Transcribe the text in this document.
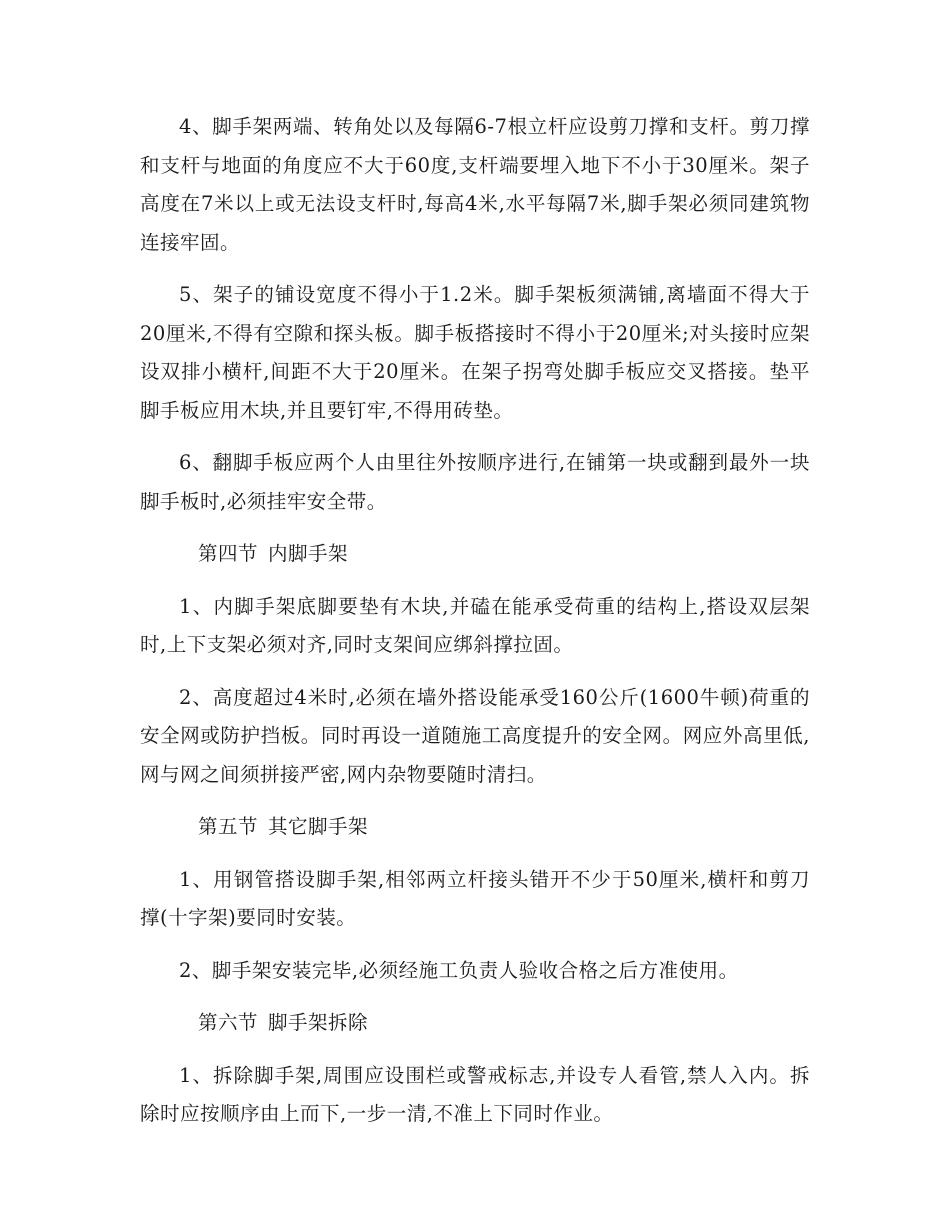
4、脚手架两端、转角处以及每隔6-7根立杆应设剪刀撑和支杆。剪刀撑和支杆与地面的角度应不大于60度,支杆端要埋入地下不小于30厘米。架子高度在7米以上或无法设支杆时,每高4米,水平每隔7米,脚手架必须同建筑物连接牢固。

5、架子的铺设宽度不得小于1.2米。脚手架板须满铺,离墙面不得大于20厘米,不得有空隙和探头板。脚手板搭接时不得小于20厘米;对头接时应架设双排小横杆,间距不大于20厘米。在架子拐弯处脚手板应交叉搭接。垫平脚手板应用木块,并且要钉牢,不得用砖垫。

6、翻脚手板应两个人由里往外按顺序进行,在铺第一块或翻到最外一块脚手板时,必须挂牢安全带。

第四节 内脚手架

1、内脚手架底脚要垫有木块,并磕在能承受荷重的结构上,搭设双层架时,上下支架必须对齐,同时支架间应绑斜撑拉固。

2、高度超过4米时,必须在墙外搭设能承受160公斤(1600牛顿)荷重的安全网或防护挡板。同时再设一道随施工高度提升的安全网。网应外高里低,网与网之间须拼接严密,网内杂物要随时清扫。

第五节 其它脚手架

1、用钢管搭设脚手架,相邻两立杆接头错开不少于50厘米,横杆和剪刀撑(十字架)要同时安装。

2、脚手架安装完毕,必须经施工负责人验收合格之后方准使用。

第六节 脚手架拆除

1、拆除脚手架,周围应设围栏或警戒标志,并设专人看管,禁人入内。拆除时应按顺序由上而下,一步一清,不准上下同时作业。
